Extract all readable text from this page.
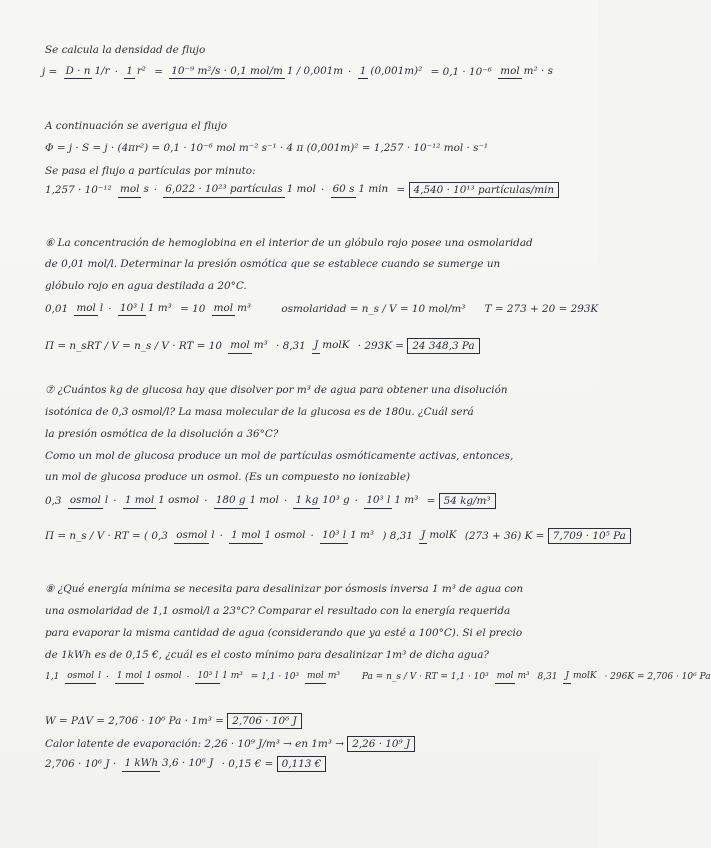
Se calcula la densidad de flujo
j = D · n 1/r · 1 r² = 10⁻⁹ m²/s · 0,1 mol/m 1 / 0,001m · 1 (0,001m)² = 0,1 · 10⁻⁶ mol m² · s
A continuación se averigua el flujo
Φ = j · S = j · (4πr²) = 0,1 · 10⁻⁶ mol m⁻² s⁻¹ · 4 π (0,001m)² = 1,257 · 10⁻¹² mol · s⁻¹
Se pasa el flujo a partículas por minuto:
1,257 · 10⁻¹² mol s · 6,022 · 10²³ partículas 1 mol · 60 s 1 min = 4,540 · 10¹³ partículas/min
⑥ La concentración de hemoglobina en el interior de un glóbulo rojo posee una osmolaridad
de 0,01 mol/l. Determinar la presión osmótica que se establece cuando se sumerge un
glóbulo rojo en agua destilada a 20°C.
0,01 mol l · 10³ l 1 m³ = 10 mol m³	osmolaridad = n_s / V = 10 mol/m³ T = 273 + 20 = 293K
Π = n_sRT / V = n_s / V · RT = 10 mol m³ · 8,31 J molK · 293K = 24 348,3 Pa
⑦ ¿Cuántos kg de glucosa hay que disolver por m³ de agua para obtener una disolución
isotónica de 0,3 osmol/l? La masa molecular de la glucosa es de 180u. ¿Cuál será
la presión osmótica de la disolución a 36°C?
Como un mol de glucosa produce un mol de partículas osmóticamente activas, entonces,
un mol de glucosa produce un osmol. (Es un compuesto no ionizable)
0,3 osmol l · 1 mol 1 osmol · 180 g 1 mol · 1 kg 10³ g · 10³ l 1 m³ = 54 kg/m³
Π = n_s / V · RT = ( 0,3 osmol l · 1 mol 1 osmol · 10³ l 1 m³ ) 8,31 J molK (273 + 36) K = 7,709 · 10⁵ Pa
⑧ ¿Qué energía mínima se necesita para desalinizar por ósmosis inversa 1 m³ de agua con
una osmolaridad de 1,1 osmol/l a 23°C? Comparar el resultado con la energía requerida
para evaporar la misma cantidad de agua (considerando que ya esté a 100°C). Si el precio
de 1kWh es de 0,15 €, ¿cuál es el costo mínimo para desalinizar 1m³ de dicha agua?
1,1 osmol l · 1 mol 1 osmol · 10³ l 1 m³ = 1,1 · 10³ mol m³ Pa = n_s / V · RT = 1,1 · 10³ mol m³ 8,31 J molK · 296K = 2,706 · 10⁶ Pa
W = PΔV = 2,706 · 10⁶ Pa · 1m³ = 2,706 · 10⁶ J
Calor latente de evaporación: 2,26 · 10⁹ J/m³ → en 1m³ → 2,26 · 10⁹ J
2,706 · 10⁶ J · 1 kWh 3,6 · 10⁶ J · 0,15 € = 0,113 €
